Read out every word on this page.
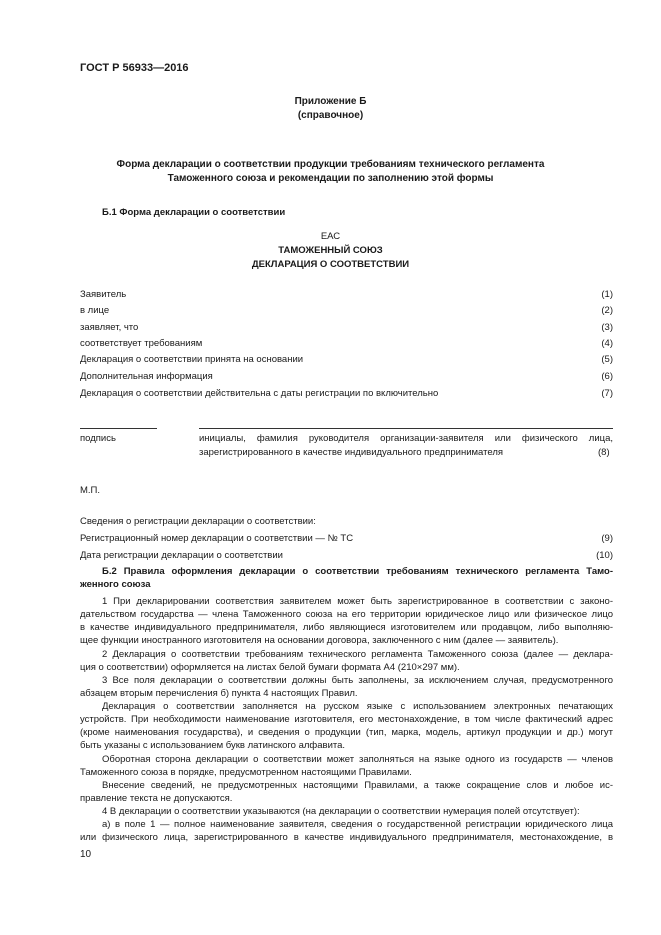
ГОСТ Р 56933—2016
Приложение Б
(справочное)
Форма декларации о соответствии продукции требованиям технического регламента
Таможенного союза и рекомендации по заполнению этой формы
Б.1 Форма декларации о соответствии
ЕАС
ТАМОЖЕННЫЙ СОЮЗ
ДЕКЛАРАЦИЯ О СООТВЕТСТВИИ
Заявитель	(1)
в лице	(2)
заявляет, что	(3)
соответствует требованиям	(4)
Декларация о соответствии принята на основании	(5)
Дополнительная информация	(6)
Декларация о соответствии действительна с даты регистрации по включительно	(7)
подпись	инициалы, фамилия руководителя организации-заявителя или физического лица,
зарегистрированного в качестве индивидуального предпринимателя	(8)
М.П.
Сведения о регистрации декларации о соответствии:
Регистрационный номер декларации о соответствии — № ТС	(9)
Дата регистрации декларации о соответствии	(10)
Б.2 Правила оформления декларации о соответствии требованиям технического регламента Тамо-
женного союза
1 При декларировании соответствия заявителем может быть зарегистрированное в соответствии с законо-
дательством государства — члена Таможенного союза на его территории юридическое лицо или физическое лицо
в качестве индивидуального предпринимателя, либо являющиеся изготовителем или продавцом, либо выполняю-
щее функции иностранного изготовителя на основании договора, заключенного с ним (далее — заявитель).
2 Декларация о соответствии требованиям технического регламента Таможенного союза (далее — деклара-
ция о соответствии) оформляется на листах белой бумаги формата А4 (210×297 мм).
3 Все поля декларации о соответствии должны быть заполнены, за исключением случая, предусмотренного
абзацем вторым перечисления б) пункта 4 настоящих Правил.
Декларация о соответствии заполняется на русском языке с использованием электронных печатающих
устройств. При необходимости наименование изготовителя, его местонахождение, в том числе фактический адрес
(кроме наименования государства), и сведения о продукции (тип, марка, модель, артикул продукции и др.) могут
быть указаны с использованием букв латинского алфавита.
Оборотная сторона декларации о соответствии может заполняться на языке одного из государств — членов
Таможенного союза в порядке, предусмотренном настоящими Правилами.
Внесение сведений, не предусмотренных настоящими Правилами, а также сокращение слов и любое ис-
правление текста не допускаются.
4 В декларации о соответствии указываются (на декларации о соответствии нумерация полей отсутствует):
а) в поле 1 — полное наименование заявителя, сведения о государственной регистрации юридического лица
или физического лица, зарегистрированного в качестве индивидуального предпринимателя, местонахождение, в
10
